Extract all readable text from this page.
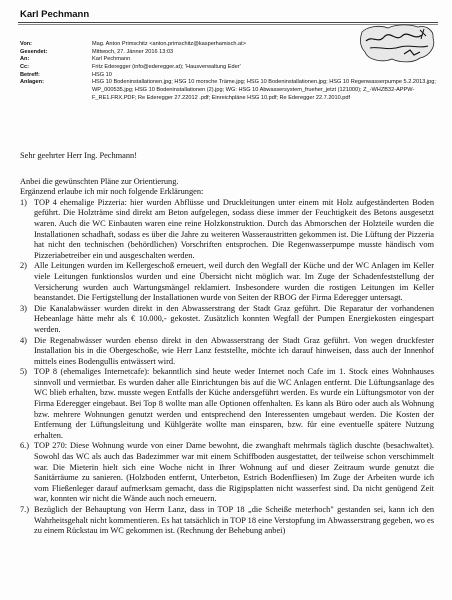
Karl Pechmann
Von:	Mag. Anton Primschitz <anton.primschitz@kasperhamisch.at>
Gesendet:	Mittwoch, 27. Jänner 2016 13:03
An:	Karl Pechmann
Cc:	Fritz Ederegger (info@ederegger.at); 'Hausverwaltung Eder'
Betreff:	HSG 10
Anlagen:	HSG 10 Bodeninstallationen.jpg; HSG 10 morsche Träme.jpg; HSG 10 Bodeninstallationen.jpg; HSG 10 Regenwasserpumpe 5.2.2013.jpg; WP_000535.jpg; HSG 10 Bodeninstallationen (2).jpg; WG: HSG 10 Abwassersystem_frueher_jetzt (121000); Z_-WHZB32-APPW-F_RE1.FRX.PDF; Re Ederegger 27.22012 .pdf; Einreichpläne HSG 10.pdf; Re Ederegger 22.7.2010.pdf

Sehr geehrter Herr Ing. Pechmann!

Anbei die gewünschten Pläne zur Orientierung.

Ergänzend erlaube ich mir noch folgende Erklärungen:

1) TOP 4 ehemalige Pizzeria: hier wurden Abflüsse und Druckleitungen unter einem mit Holz aufgeständerten Boden geführt. Die Holzträme sind direkt am Beton aufgelegen, sodass diese immer der Feuchtigkeit des Betons ausgesetzt waren. Auch die WC Einbauten waren eine reine Holzkonstruktion. Durch das Abmorschen der Holzteile wurden die Installationen schadhaft, sodass es über die Jahre zu weiteren Wasseraustritten gekommen ist. Die Lüftung der Pizzeria hat nicht den technischen (behördlichen) Vorschriften entsprochen. Die Regenwasserpumpe musste händisch vom Pizzeriabetreiber ein und ausgeschalten werden.

2) Alle Leitungen wurden im Kellergeschoß erneuert, weil durch den Wegfall der Küche und der WC Anlagen im Keller viele Leitungen funktionslos wurden und eine Übersicht nicht möglich war. Im Zuge der Schadenfeststellung der Versicherung wurden auch Wartungsmängel reklamiert. Insbesondere wurden die rostigen Leitungen im Keller beanstandet. Die Fertigstellung der Installationen wurde von Seiten der RBOG der Firma Ederegger untersagt.

3) Die Kanalabwässer wurden direkt in den Abwasserstrang der Stadt Graz geführt. Die Reparatur der vorhandenen Hebeanlage hätte mehr als € 10.000,- gekostet. Zusätzlich konnten Wegfall der Pumpen Energiekosten eingespart werden.

4) Die Regenabwässer wurden ebenso direkt in den Abwasserstrang der Stadt Graz geführt. Von wegen druckfester Installation bis in die Obergeschoße, wie Herr Lanz feststellte, möchte ich darauf hinweisen, dass auch der Innenhof mittels eines Bodengullis entwässert wird.

5) TOP 8 (ehemaliges Internetcafe): bekanntlich sind heute weder Internet noch Cafe im 1. Stock eines Wohnhauses sinnvoll und vermietbar. Es wurden daher alle Einrichtungen bis auf die WC Anlagen entfernt. Die Lüftungsanlage des WC blieb erhalten, bzw. musste wegen Entfalls der Küche andersgeführt werden. Es wurde ein Lüftungsmotor von der Firma Ederegger eingebaut. Bei Top 8 wollte man alle Optionen offenhalten. Es kann als Büro oder auch als Wohnung bzw. mehrere Wohnungen genutzt werden und entsprechend den Interessenten umgebaut werden. Die Kosten der Entfernung der Lüftungsleitung und Kühlgeräte wollte man einsparen, bzw. für eine eventuelle spätere Nutzung erhalten.

6.) TOP 270: Diese Wohnung wurde von einer Dame bewohnt, die zwanghaft mehrmals täglich duschte (besachwaltet). Sowohl das WC als auch das Badezimmer war mit einem Schiffboden ausgestattet, der teilweise schon verschimmelt war. Die Mieterin hielt sich eine Woche nicht in Ihrer Wohnung auf und dieser Zeitraum wurde genutzt die Sanitärräume zu sanieren. (Holzboden entfernt, Unterbeton, Estrich Bodenfliesen) Im Zuge der Arbeiten wurde ich vom Fließenleger darauf aufmerksam gemacht, dass die Rigipsplatten nicht wasserfest sind. Da nicht genügend Zeit war, konnten wir nicht die Wände auch noch erneuern.

7.) Bezüglich der Behauptung von Herrn Lanz, dass in TOP 18 „die Scheiße meterhoch" gestanden sei, kann ich den Wahrheitsgehalt nicht kommentieren. Es hat tatsächlich in TOP 18 eine Verstopfung im Abwasserstrang gegeben, wo es zu einem Rückstau im WC gekommen ist. (Rechnung der Behebung anbei)
